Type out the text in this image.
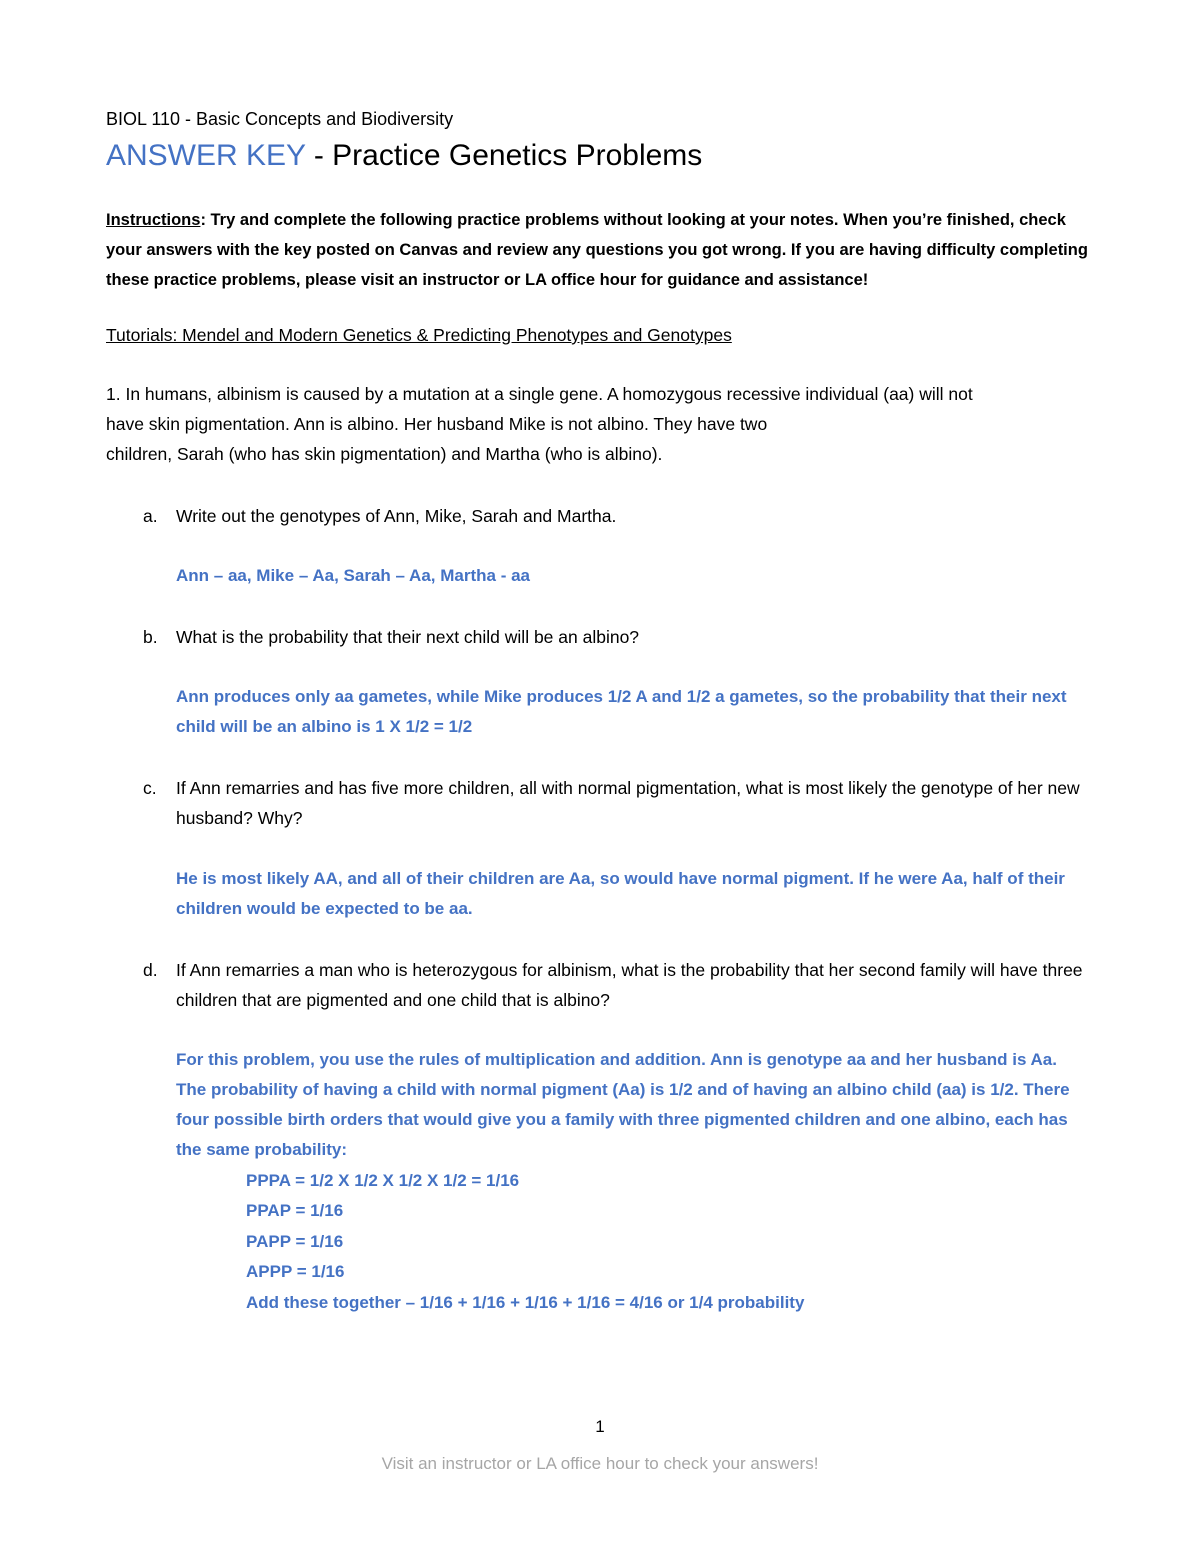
BIOL 110 - Basic Concepts and Biodiversity
ANSWER KEY - Practice Genetics Problems
Instructions: Try and complete the following practice problems without looking at your notes. When you’re finished, check your answers with the key posted on Canvas and review any questions you got wrong. If you are having difficulty completing these practice problems, please visit an instructor or LA office hour for guidance and assistance!
Tutorials: Mendel and Modern Genetics & Predicting Phenotypes and Genotypes
1. In humans, albinism is caused by a mutation at a single gene. A homozygous recessive individual (aa) will not
have skin pigmentation. Ann is albino. Her husband Mike is not albino. They have two
children, Sarah (who has skin pigmentation) and Martha (who is albino).
a. Write out the genotypes of Ann, Mike, Sarah and Martha.
Ann – aa, Mike – Aa, Sarah – Aa, Martha - aa
b. What is the probability that their next child will be an albino?
Ann produces only aa gametes, while Mike produces 1/2 A and 1/2 a gametes, so the probability that their next child will be an albino is 1 X 1/2 = 1/2
c. If Ann remarries and has five more children, all with normal pigmentation, what is most likely the genotype of her new husband? Why?
He is most likely AA, and all of their children are Aa, so would have normal pigment. If he were Aa, half of their children would be expected to be aa.
d. If Ann remarries a man who is heterozygous for albinism, what is the probability that her second family will have three children that are pigmented and one child that is albino?
For this problem, you use the rules of multiplication and addition. Ann is genotype aa and her husband is Aa. The probability of having a child with normal pigment (Aa) is 1/2 and of having an albino child (aa) is 1/2. There four possible birth orders that would give you a family with three pigmented children and one albino, each has the same probability:
PPPA = 1/2 X 1/2 X 1/2 X 1/2 = 1/16
PPAP = 1/16
PAPP = 1/16
APPP = 1/16
Add these together – 1/16 + 1/16 + 1/16 + 1/16 = 4/16 or 1/4 probability
1
Visit an instructor or LA office hour to check your answers!
